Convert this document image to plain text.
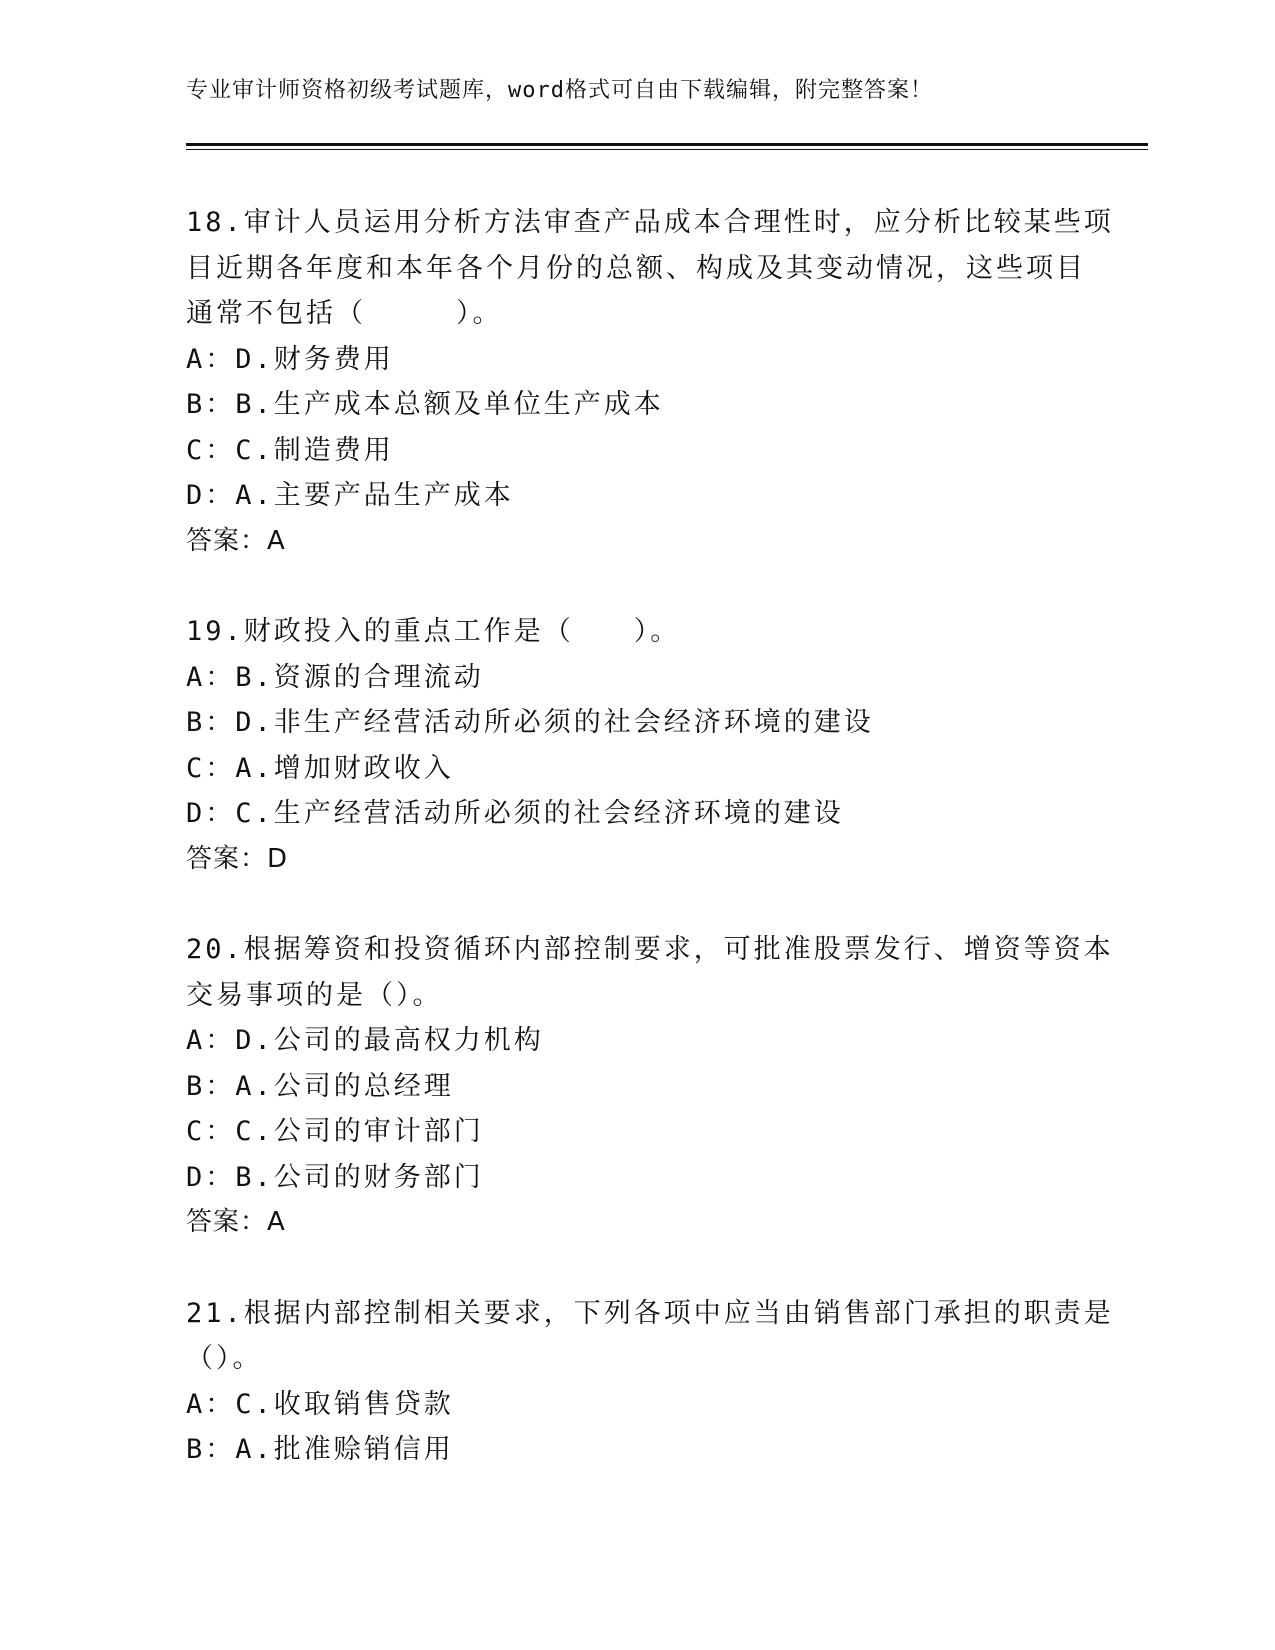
专业审计师资格初级考试题库，word格式可自由下载编辑，附完整答案！
18.审计人员运用分析方法审查产品成本合理性时，应分析比较某些项
目近期各年度和本年各个月份的总额、构成及其变动情况，这些项目
通常不包括（　　　）。
A：D.财务费用
B：B.生产成本总额及单位生产成本
C：C.制造费用
D：A.主要产品生产成本
答案：A
19.财政投入的重点工作是（　　）。
A：B.资源的合理流动
B：D.非生产经营活动所必须的社会经济环境的建设
C：A.增加财政收入
D：C.生产经营活动所必须的社会经济环境的建设
答案：D
20.根据筹资和投资循环内部控制要求，可批准股票发行、增资等资本
交易事项的是（）。
A：D.公司的最高权力机构
B：A.公司的总经理
C：C.公司的审计部门
D：B.公司的财务部门
答案：A
21.根据内部控制相关要求，下列各项中应当由销售部门承担的职责是
（）。
A：C.收取销售贷款
B：A.批准赊销信用
